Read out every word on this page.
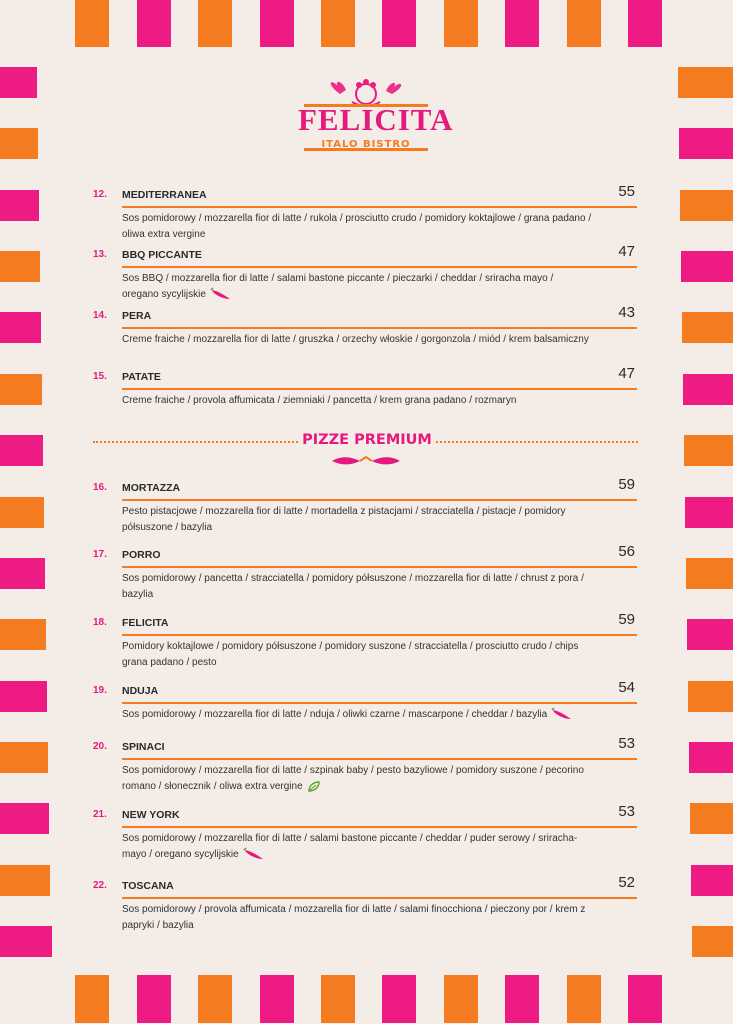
FELICITA
ITALO BISTRO
12. MEDITERRANEA	55
Sos pomidorowy / mozzarella fior di latte / rukola / prosciutto crudo / pomidory koktajlowe / grana padano / oliwa extra vergine
13. BBQ PICCANTE	47
Sos BBQ / mozzarella fior di latte / salami bastone piccante / pieczarki / cheddar / sriracha mayo / oregano sycylijskie
14. PERA	43
Creme fraiche / mozzarella fior di latte / gruszka / orzechy włoskie / gorgonzola / miód / krem balsamiczny
15. PATATE	47
Creme fraiche / provola affumicata / ziemniaki / pancetta / krem grana padano / rozmaryn
PIZZE PREMIUM
16. MORTAZZA	59
Pesto pistacjowe / mozzarella fior di latte / mortadella z pistacjami / stracciatella / pistacje / pomidory półsuszone / bazylia
17. PORRO	56
Sos pomidorowy / pancetta / stracciatella / pomidory półsuszone / mozzarella fior di latte / chrust z pora / bazylia
18. FELICITA	59
Pomidory koktajlowe / pomidory półsuszone / pomidory suszone / stracciatella / prosciutto crudo / chips grana padano / pesto
19. NDUJA	54
Sos pomidorowy / mozzarella fior di latte / nduja / oliwki czarne / mascarpone / cheddar / bazylia
20. SPINACI	53
Sos pomidorowy / mozzarella fior di latte / szpinak baby / pesto bazyliowe / pomidory suszone / pecorino romano / słonecznik / oliwa extra vergine
21. NEW YORK	53
Sos pomidorowy / mozzarella fior di latte / salami bastone piccante / cheddar / puder serowy / sriracha-mayo / oregano sycylijskie
22. TOSCANA	52
Sos pomidorowy / provola affumicata / mozzarella fior di latte / salami finocchiona / pieczony por / krem z papryki / bazylia
